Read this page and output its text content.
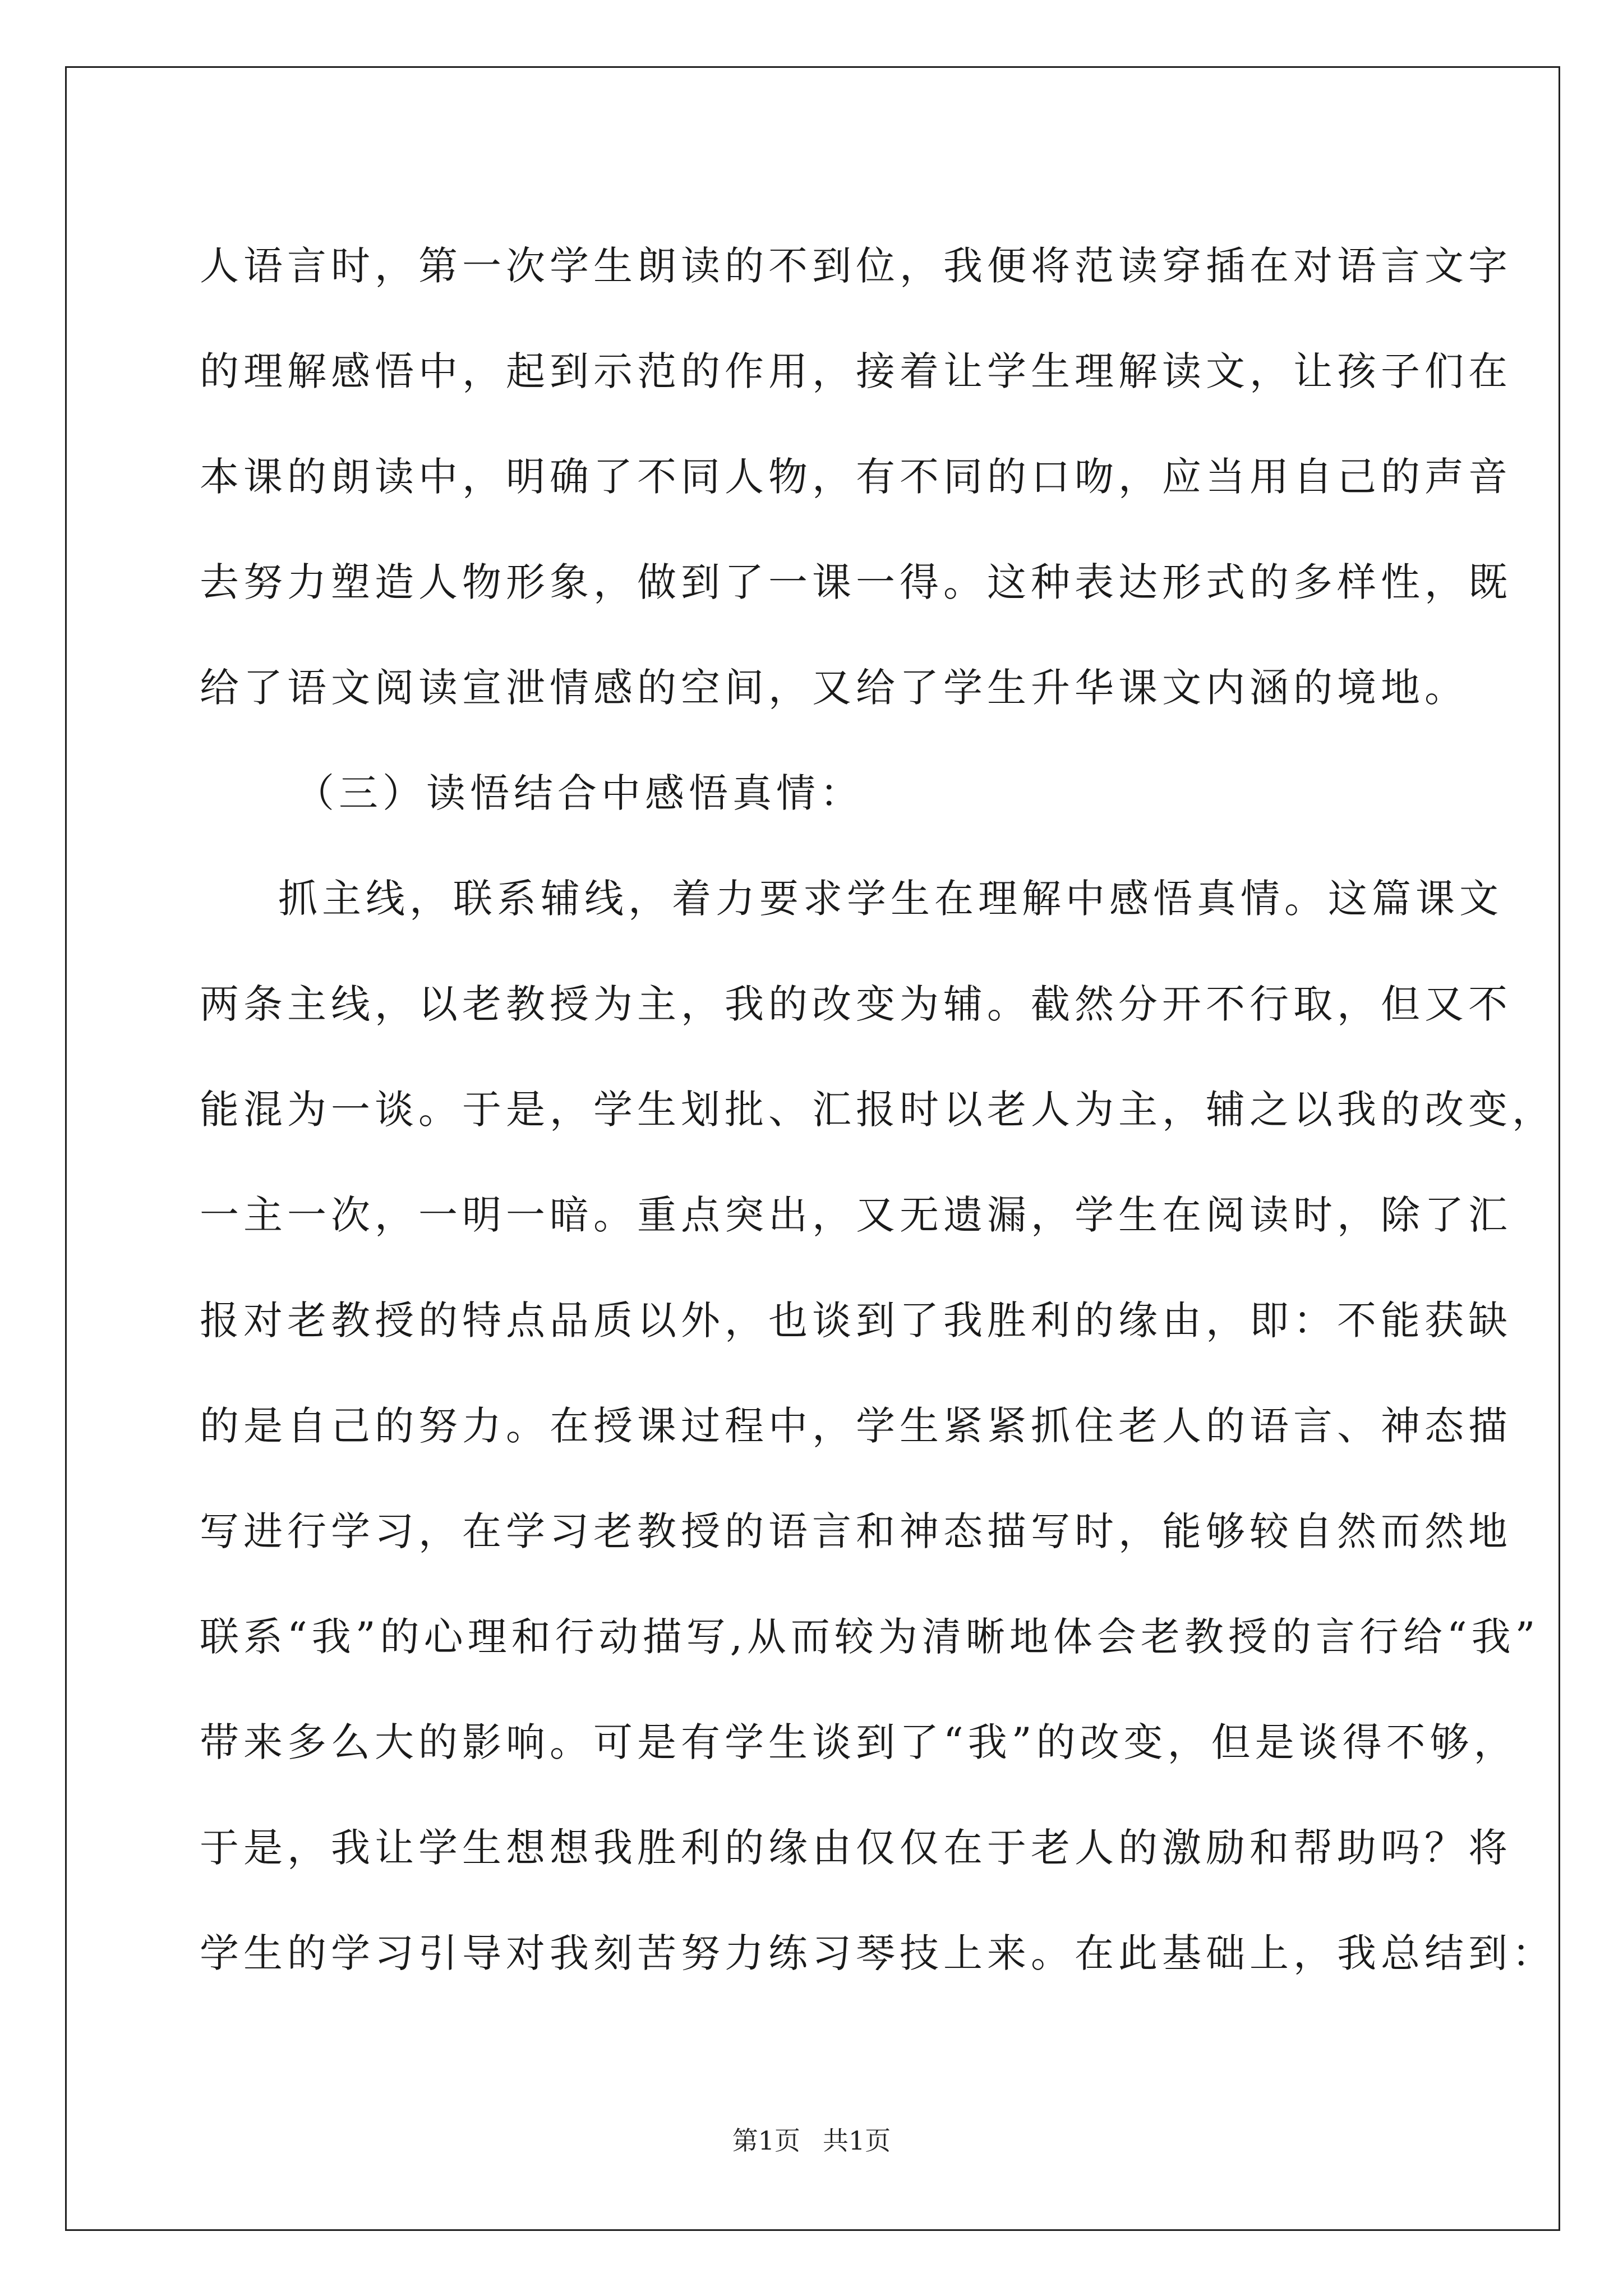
人语言时，第一次学生朗读的不到位，我便将范读穿插在对语言文字
的理解感悟中，起到示范的作用，接着让学生理解读文，让孩子们在
本课的朗读中，明确了不同人物，有不同的口吻，应当用自己的声音
去努力塑造人物形象，做到了一课一得。这种表达形式的多样性，既
给了语文阅读宣泄情感的空间，又给了学生升华课文内涵的境地。
（三）读悟结合中感悟真情：
抓主线，联系辅线，着力要求学生在理解中感悟真情。这篇课文
两条主线，以老教授为主，我的改变为辅。截然分开不行取，但又不
能混为一谈。于是，学生划批、汇报时以老人为主，辅之以我的改变，
一主一次，一明一暗。重点突出，又无遗漏，学生在阅读时，除了汇
报对老教授的特点品质以外，也谈到了我胜利的缘由，即：不能获缺
的是自己的努力。在授课过程中，学生紧紧抓住老人的语言、神态描
写进行学习，在学习老教授的语言和神态描写时，能够较自然而然地
联系“我”的心理和行动描写,从而较为清晰地体会老教授的言行给“我”
带来多么大的影响。可是有学生谈到了“我”的改变，但是谈得不够，
于是，我让学生想想我胜利的缘由仅仅在于老人的激励和帮助吗？将
学生的学习引导对我刻苦努力练习琴技上来。在此基础上，我总结到：
第1页 共1页
